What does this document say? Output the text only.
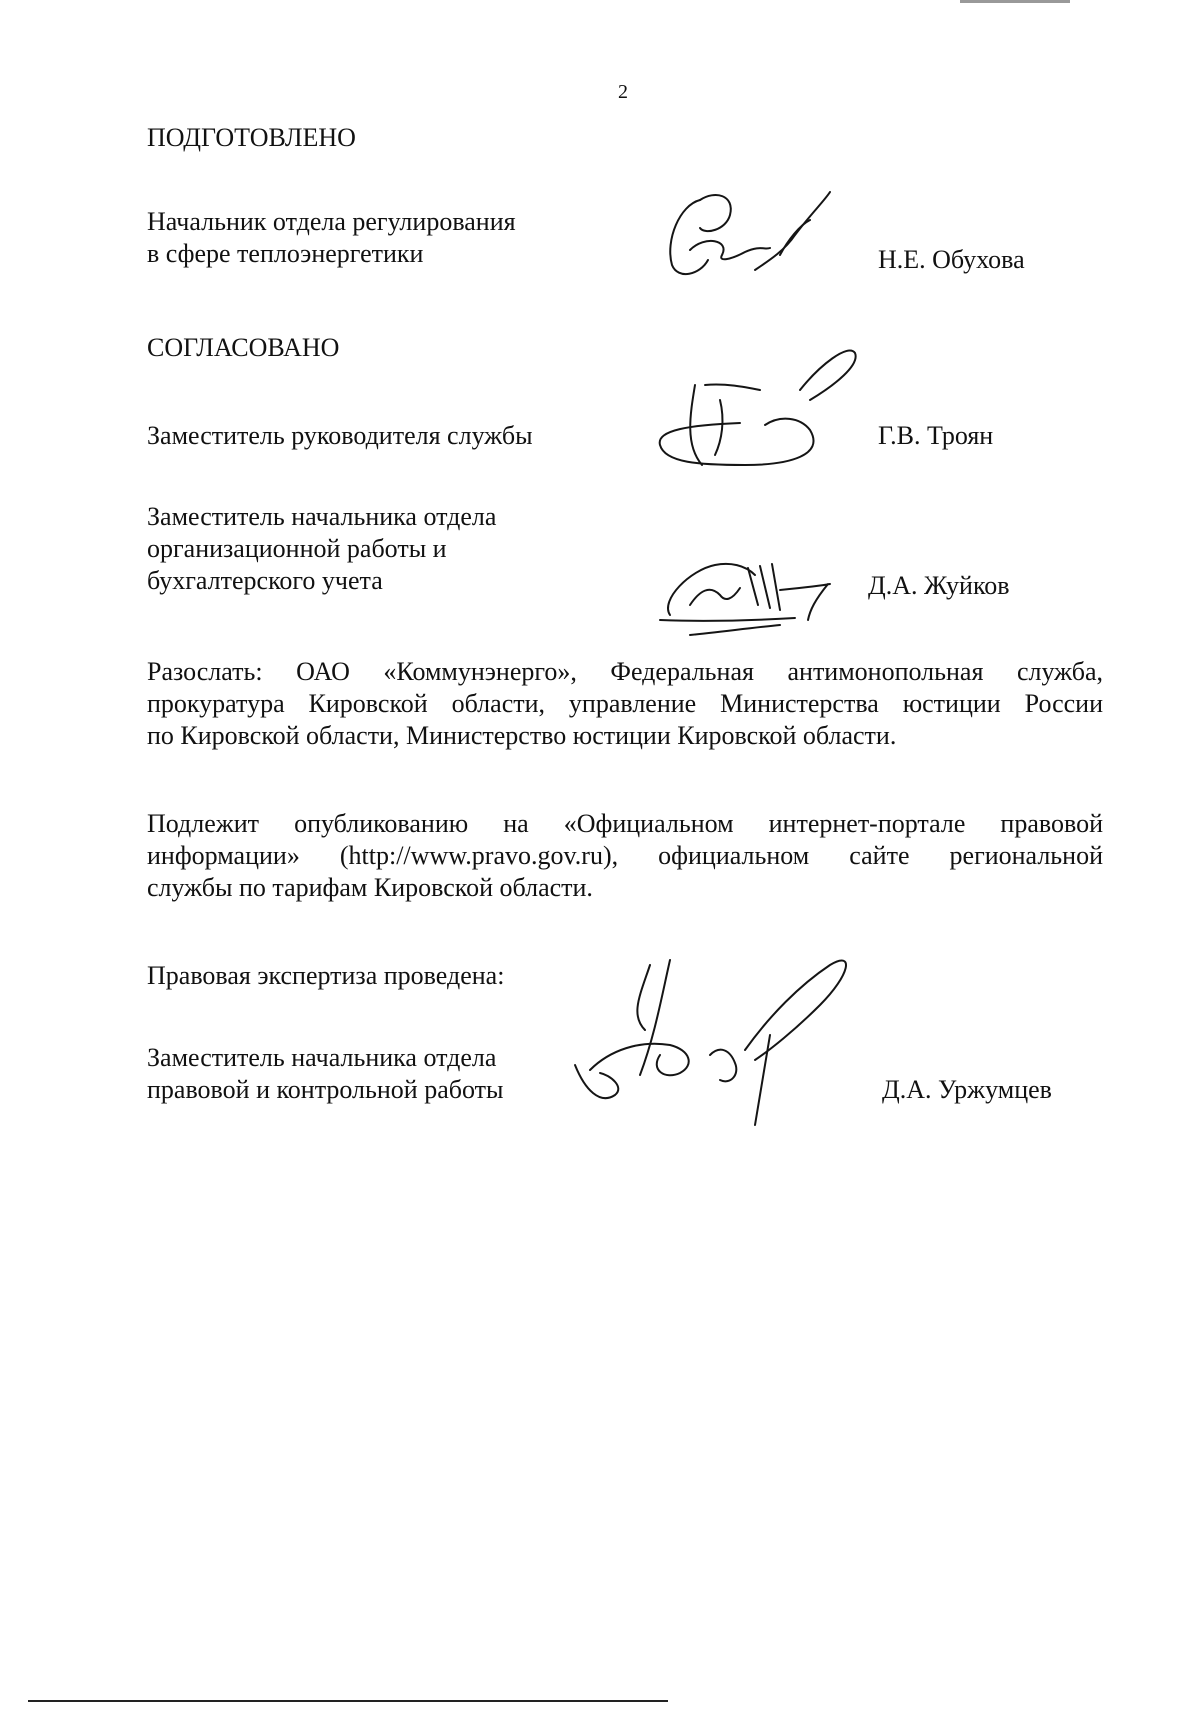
2
ПОДГОТОВЛЕНО
Начальник отдела регулирования
в сфере теплоэнергетики	Н.Е. Обухова
СОГЛАСОВАНО
Заместитель руководителя службы	Г.В. Троян
Заместитель начальника отдела
организационной работы и
бухгалтерского учета	Д.А. Жуйков
Разослать: ОАО «Коммунэнерго», Федеральная антимонопольная служба,
прокуратура Кировской области, управление Министерства юстиции России
по Кировской области, Министерство юстиции Кировской области.
Подлежит опубликованию на «Официальном интернет-портале правовой
информации» (http://www.pravo.gov.ru), официальном сайте региональной
службы по тарифам Кировской области.
Правовая экспертиза проведена:
Заместитель начальника отдела
правовой и контрольной работы	Д.А. Уржумцев
